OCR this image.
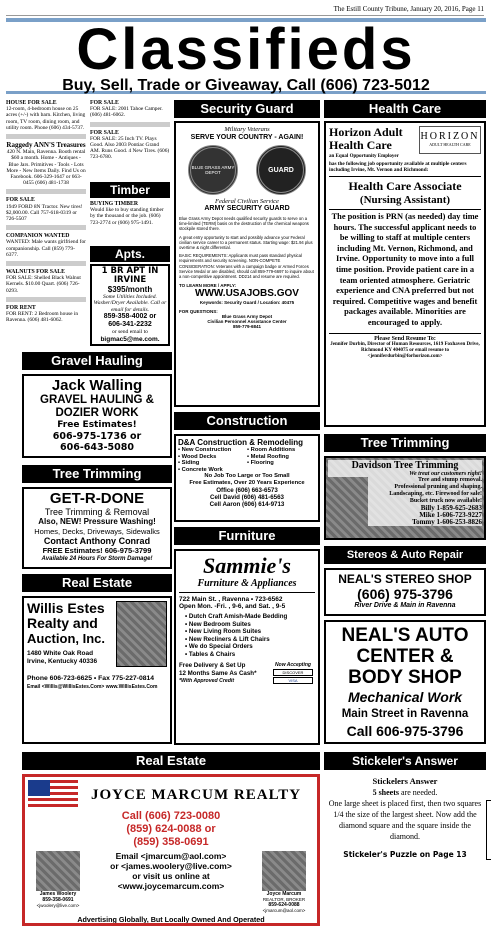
The Estill County Tribune, January 20, 2016, Page 11
Classifieds
Buy, Sell, Trade or Giveaway, Call (606) 723-5012

HOUSE FOR SALE
12-room, 4-bedroom house on 25 acres (+/-) with barn. Kitchen, living room, TV room, dining room, and utility room. Phone (606) 434-5737.

Raggedy ANN'S Treasures
420 N. Main, Ravenna. Booth rental $60 a month. Home - Antiques - Blue Jars. Primitives - Tools - Lots More - New Items Daily. Find Us on Facebook. 606-329-1647 or 663-0455 (606) 481-1738

FOR SALE
1949 FORD 8N Tractor. New tires! $2,000.00. Call 757-618-0319 or 726-5507

COMPANION WANTED
WANTED: Male wants girlfriend for companionship. Call (859) 779-6377.

WALNUTS FOR SALE
FOR SALE: Shelled Black Walnut Kernels. $10.00 Quart. (606) 726-0293.

FOR RENT
FOR RENT: 2 Bedroom house in Ravenna. (606) 481-6062.

FOR SALE
FOR SALE: 2001 Tahoe Camper. (606) 481-6062.

FOR SALE
FOR SALE: 25 Inch TV. Plays Good. Also 2003 Pontiac Grand AM. Runs Good. 4 New Tires. (606) 723-6780.

Timber
BUYING TIMBER
Would like to buy standing timber by the thousand or the job. (606) 723-2774 or (606) 975-1491.
Apts.
1 BR APT IN IRVINE
$395/month
Some Utilities Included. Washer/Dryer Available. Call or email for details.
859-358-4002 or
606-341-2232
or send email to
bigmac5@me.com.
Security Guard
Military Veterans
SERVE YOUR COUNTRY - AGAIN!
BLUE GRASS ARMY DEPOT	GUARD
Federal Civilian Service
ARMY SECURITY GUARD
Blue Grass Army Depot needs qualified security guards to serve on a time-limited (TERM) basis on the destruction of the chemical weapons stockpile stored there.
A great entry opportunity to start and possibly advance your Federal civilian service career to a permanent status. Starting wage: $21.94 plus overtime & night differential.
BASIC REQUIREMENTS: Applicants must pass standard physical requirements and security screening. NON-COMPETE CONSIDERATION: Veterans with a campaign badge or Armed Forces Service Medal or are disabled, should call 859-779-6697 to inquire about a non-competitive appointment. DD214 and resume are required.
TO LEARN MORE / APPLY:
WWW.USAJOBS.GOV
Keywords: Security Guard / Location: 40475
FOR QUESTIONS:
Blue Grass Army Depot
Civilian Personnel Assistance Center
859-779-6841
Health Care
Horizon Adult Health Care
HORIZON
ADULT HEALTH CARE
an Equal Opportunity Employer
has the following job opportunity available at multiple centers including Irvine, Mt. Vernon and Richmond:
Health Care Associate
(Nursing Assistant)
The position is PRN (as needed) day time hours. The successful applicant needs to be willing to staff at multiple centers including Mt. Vernon, Richmond, and Irvine. Opportunity to move into a full time position. Provide patient care in a team oriented atmosphere. Geriatric experience and CNA preferred but not required. Competitive wages and benefit packages available. Minorities are encouraged to apply.
Please Send Resume To:
Jennifer Durbin, Director of Human Resources, 1619 Foxhaven Drive, Richmond KY 404075 or email resume to <jenniferdurbin@forhorizon.com>
Gravel Hauling
Jack Walling
GRAVEL HAULING &
DOZIER WORK
Free Estimates!
606-975-1736 or
606-643-5080
Tree Trimming
GET-R-DONE
Tree Trimming & Removal
Also, NEW! Pressure Washing!
Homes, Decks, Driveways, Sidewalks
Contact Anthony Conrad
FREE Estimates! 606-975-3799
Available 24 Hours For Storm Damage!
Real Estate
Willis Estes
Realty and
Auction, Inc.
1480 White Oak Road
Irvine, Kentucky 40336
Phone 606-723-6625 • Fax 775-227-0814
Email <Willis@WillisEstes.Com> www.WillisEstes.Com
Construction
D&A Construction & Remodeling
• New Construction	• Room Additions
• Wood Decks	• Metal Roofing
• Siding	• Flooring
• Concrete Work
No Job Too Large or Too Small
Free Estimates, Over 20 Years Experience
Office (606) 663-6573
Cell David (606) 481-6563
Cell Aaron (606) 614-9713
Furniture
Sammie's
Furniture & Appliances
722 Main St. , Ravenna • 723-6562
Open Mon. -Fri. , 9-6, and Sat. , 9-5
• Dutch Craft Amish-Made Bedding
• New Bedroom Suites
• New Living Room Suites
• New Recliners & Lift Chairs
• We do Special Orders
• Tables & Chairs
Free Delivery & Set Up
12 Months Same As Cash*
*With Approved Credit
Now Accepting
DISCOVER
VISA
Tree Trimming
Davidson Tree Trimming
We treat our customers right!
Tree and stump removal.
Professional pruning and shaping.
Landscaping, etc. Firewood for sale!
Bucket truck now available!
Billy 1-859-625-2683
Mike 1-606-723-9227
Tommy 1-606-253-8826
Stereos & Auto Repair
NEAL'S STEREO SHOP
(606) 975-3796
River Drive & Main in Ravenna
NEAL'S AUTO
CENTER &
BODY SHOP
Mechanical Work
Main Street in Ravenna
Call 606-975-3796
Real Estate
JOYCE MARCUM REALTY
Call (606) 723-0080
(859) 624-0088 or
(859) 358-0691
James Woolery
859-358-0691
<jwoolery@live.com>
Email <jmarcum@aol.com>
or <james.woolery@live.com>
or visit us online at
<www.joycemarcum.com>
Joyce Marcum
REALTOR, BROKER
859-624-0088
<jmarcum@aol.com>
Advertising Globally, But Locally Owned And Operated
Stickeler's Answer
Stickelers Answer
5 sheets are needed.
One large sheet is placed first, then two squares 1/4 the size of the largest sheet. Now add the diamond square and the square inside the diamond.
Stickeler's Puzzle on Page 13
